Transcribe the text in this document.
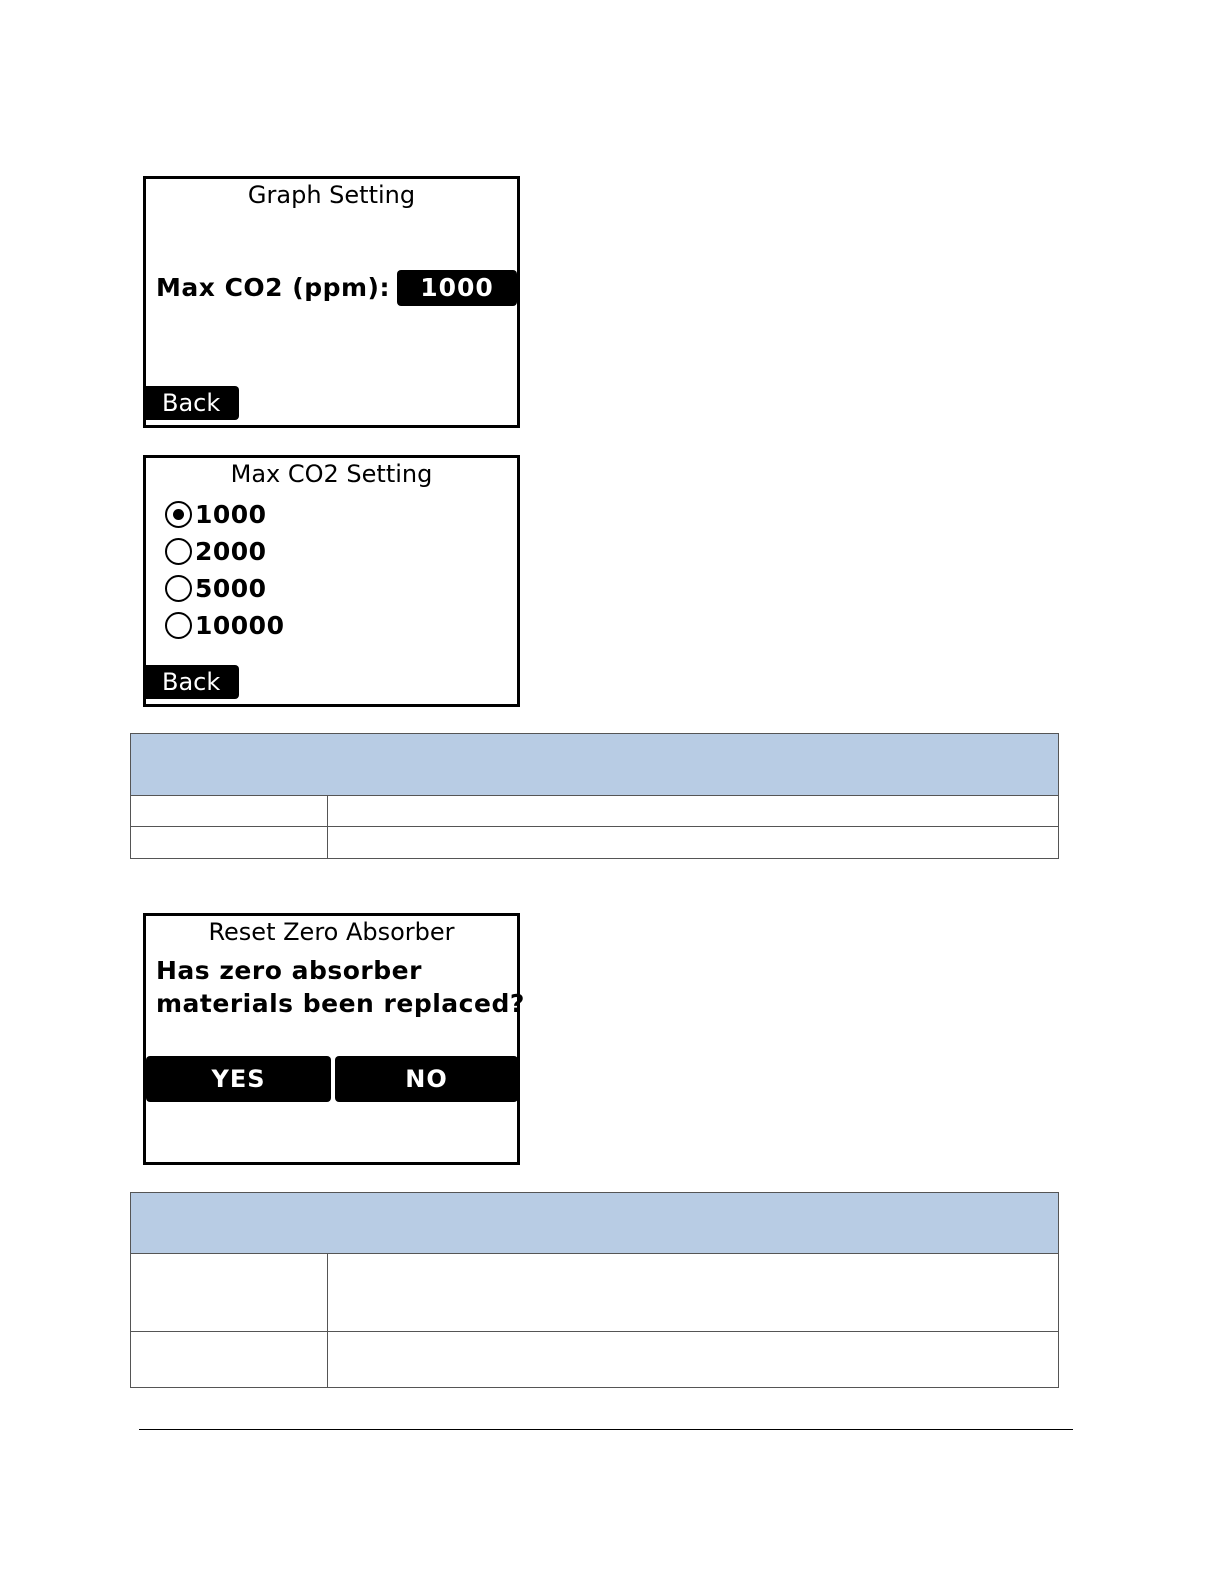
Graph Setting
Max CO2 (ppm):	1000
Back
Max CO2 Setting
1000
2000
5000
10000
Back

Reset Zero Absorber
Has zero absorber
materials been replaced?
YES	NO
